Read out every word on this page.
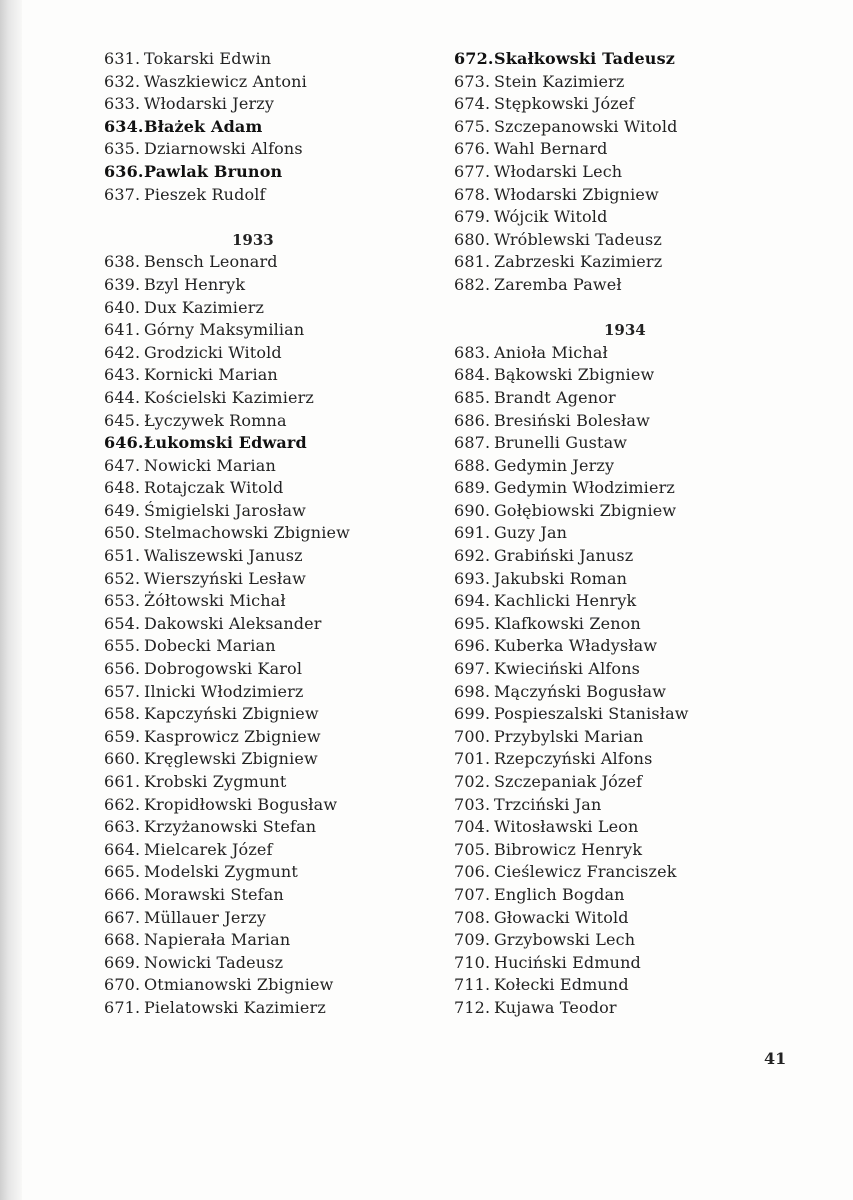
631. Tokarski Edwin
632. Waszkiewicz Antoni
633. Włodarski Jerzy
634.Błażek Adam
635. Dziarnowski Alfons
636.Pawlak Brunon
637. Pieszek Rudolf
1933
638. Bensch Leonard
639. Bzyl Henryk
640. Dux Kazimierz
641. Górny Maksymilian
642. Grodzicki Witold
643. Kornicki Marian
644. Kościelski Kazimierz
645. Łyczywek Romna
646.Łukomski Edward
647. Nowicki Marian
648. Rotajczak Witold
649. Śmigielski Jarosław
650. Stelmachowski Zbigniew
651. Waliszewski Janusz
652. Wierszyński Lesław
653. Żółtowski Michał
654. Dakowski Aleksander
655. Dobecki Marian
656. Dobrogowski Karol
657. Ilnicki Włodzimierz
658. Kapczyński Zbigniew
659. Kasprowicz Zbigniew
660. Kręglewski Zbigniew
661. Krobski Zygmunt
662. Kropidłowski Bogusław
663. Krzyżanowski Stefan
664. Mielcarek Józef
665. Modelski Zygmunt
666. Morawski Stefan
667. Müllauer Jerzy
668. Napierała Marian
669. Nowicki Tadeusz
670. Otmianowski Zbigniew
671. Pielatowski Kazimierz
672.Skałkowski Tadeusz
673. Stein Kazimierz
674. Stępkowski Józef
675. Szczepanowski Witold
676. Wahl Bernard
677. Włodarski Lech
678. Włodarski Zbigniew
679. Wójcik Witold
680. Wróblewski Tadeusz
681. Zabrzeski Kazimierz
682. Zaremba Paweł
1934
683. Anioła Michał
684. Bąkowski Zbigniew
685. Brandt Agenor
686. Bresiński Bolesław
687. Brunelli Gustaw
688. Gedymin Jerzy
689. Gedymin Włodzimierz
690. Gołębiowski Zbigniew
691. Guzy Jan
692. Grabiński Janusz
693. Jakubski Roman
694. Kachlicki Henryk
695. Klafkowski Zenon
696. Kuberka Władysław
697. Kwieciński Alfons
698. Mączyński Bogusław
699. Pospieszalski Stanisław
700. Przybylski Marian
701. Rzepczyński Alfons
702. Szczepaniak Józef
703. Trzciński Jan
704. Witosławski Leon
705. Bibrowicz Henryk
706. Cieślewicz Franciszek
707. Englich Bogdan
708. Głowacki Witold
709. Grzybowski Lech
710. Huciński Edmund
711. Kołecki Edmund
712. Kujawa Teodor
41
